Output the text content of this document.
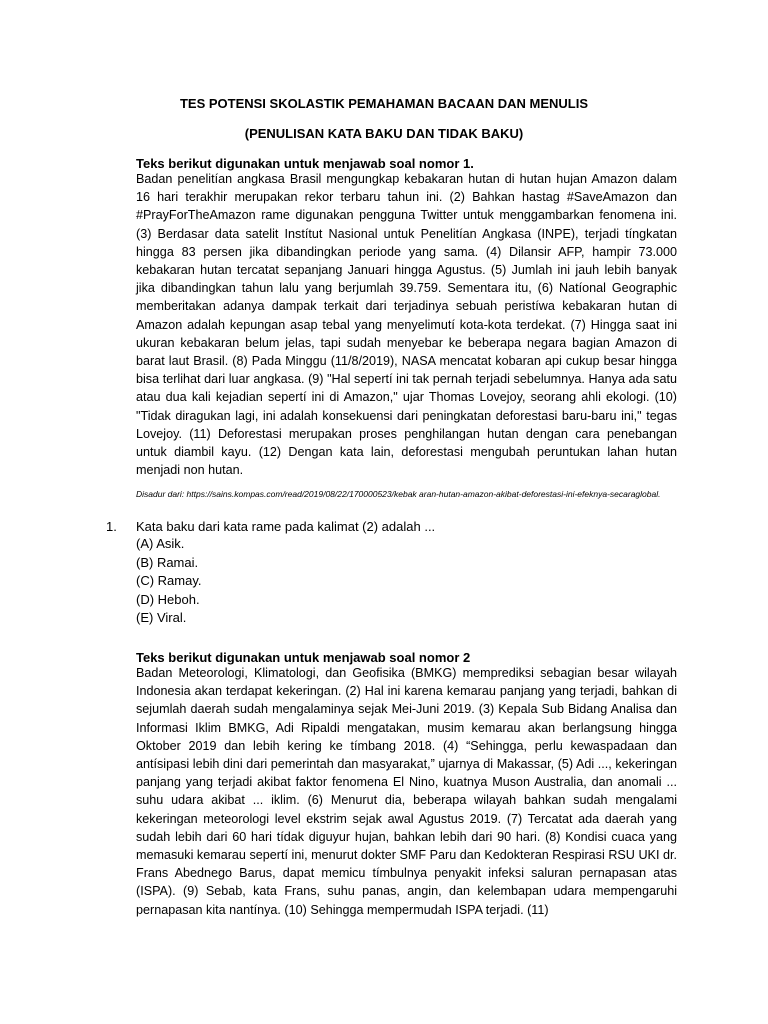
TES POTENSI SKOLASTIK PEMAHAMAN BACAAN DAN MENULIS
(PENULISAN KATA BAKU DAN TIDAK BAKU)
Teks berikut digunakan untuk menjawab soal nomor 1.

Badan penelitían angkasa Brasil mengungkap kebakaran hutan di hutan hujan Amazon dalam 16 hari terakhir merupakan rekor terbaru tahun ini. (2) Bahkan hastag #SaveAmazon dan #PrayForTheAmazon rame digunakan pengguna Twitter untuk menggambarkan fenomena ini. (3) Berdasar data satelit Instítut Nasional untuk Penelitían Angkasa (INPE), terjadi tíngkatan hingga 83 persen jika dibandingkan periode yang sama. (4) Dilansir AFP, hampir 73.000 kebakaran hutan tercatat sepanjang Januari hingga Agustus. (5) Jumlah ini jauh lebih banyak jika dibandingkan tahun lalu yang berjumlah 39.759. Sementara itu, (6) Natíonal Geographic memberitakan adanya dampak terkait dari terjadinya sebuah peristíwa kebakaran hutan di Amazon adalah kepungan asap tebal yang menyelimutí kota-kota terdekat. (7) Hingga saat ini ukuran kebakaran belum jelas, tapi sudah menyebar ke beberapa negara bagian Amazon di barat laut Brasil. (8) Pada Minggu (11/8/2019), NASA mencatat kobaran api cukup besar hingga bisa terlihat dari luar angkasa. (9) "Hal sepertí ini tak pernah terjadi sebelumnya. Hanya ada satu atau dua kali kejadian sepertí ini di Amazon," ujar Thomas Lovejoy, seorang ahli ekologi. (10) "Tidak diragukan lagi, ini adalah konsekuensi dari peningkatan deforestasi baru-baru ini," tegas Lovejoy. (11) Deforestasi merupakan proses penghilangan hutan dengan cara penebangan untuk diambil kayu. (12) Dengan kata lain, deforestasi mengubah peruntukan lahan hutan menjadi non hutan.

Disadur dari: https://sains.kompas.com/read/2019/08/22/170000523/kebak aran-hutan-amazon-akibat-deforestasi-ini-efeknya-secaraglobal.

1. Kata baku dari kata rame pada kalimat (2) adalah ...
(A) Asik.
(B) Ramai.
(C) Ramay.
(D) Heboh.
(E) Viral.
Teks berikut digunakan untuk menjawab soal nomor 2

Badan Meteorologi, Klimatologi, dan Geofisika (BMKG) memprediksi sebagian besar wilayah Indonesia akan terdapat kekeringan. (2) Hal ini karena kemarau panjang yang terjadi, bahkan di sejumlah daerah sudah mengalaminya sejak Mei-Juni 2019. (3) Kepala Sub Bidang Analisa dan Informasi Iklim BMKG, Adi Ripaldi mengatakan, musim kemarau akan berlangsung hingga Oktober 2019 dan lebih kering ke tímbang 2018. (4) “Sehingga, perlu kewaspadaan dan antísipasi lebih dini dari pemerintah dan masyarakat,” ujarnya di Makassar, (5) Adi ..., kekeringan panjang yang terjadi akibat faktor fenomena El Nino, kuatnya Muson Australia, dan anomali ... suhu udara akibat ... iklim. (6) Menurut dia, beberapa wilayah bahkan sudah mengalami kekeringan meteorologi level ekstrim sejak awal Agustus 2019. (7) Tercatat ada daerah yang sudah lebih dari 60 hari tídak diguyur hujan, bahkan lebih dari 90 hari. (8) Kondisi cuaca yang memasuki kemarau sepertí ini, menurut dokter SMF Paru dan Kedokteran Respirasi RSU UKI dr. Frans Abednego Barus, dapat memicu tímbulnya penyakit infeksi saluran pernapasan atas (ISPA). (9) Sebab, kata Frans, suhu panas, angin, dan kelembapan udara mempengaruhi pernapasan kita nantínya. (10) Sehingga mempermudah ISPA terjadi. (11)
